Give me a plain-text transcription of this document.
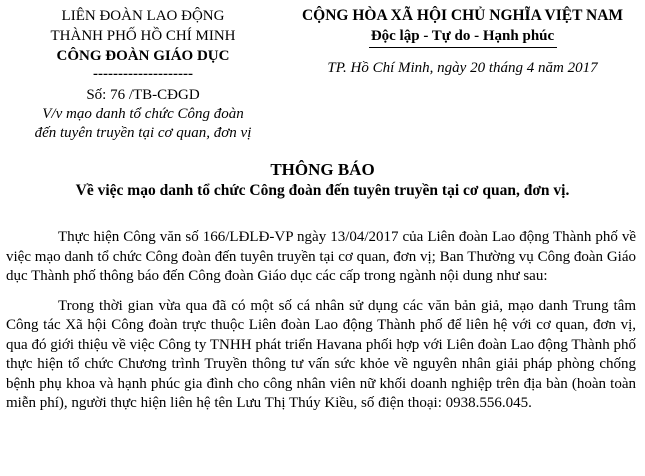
LIÊN ĐOÀN LAO ĐỘNG
THÀNH PHỐ HỒ CHÍ MINH
CÔNG ĐOÀN GIÁO DỤC
--------------------
Số: 76 /TB-CĐGD
V/v mạo danh tổ chức Công đoàn
đến tuyên truyền tại cơ quan, đơn vị
CỘNG HÒA XÃ HỘI CHỦ NGHĨA VIỆT NAM
Độc lập - Tự do - Hạnh phúc
TP. Hồ Chí Minh, ngày 20 tháng 4 năm 2017
THÔNG BÁO
Về việc mạo danh tổ chức Công đoàn đến tuyên truyền tại cơ quan, đơn vị.

Thực hiện Công văn số 166/LĐLĐ-VP ngày 13/04/2017 của Liên đoàn Lao động Thành phố về việc mạo danh tổ chức Công đoàn đến tuyên truyền tại cơ quan, đơn vị; Ban Thường vụ Công đoàn Giáo dục Thành phố thông báo đến Công đoàn Giáo dục các cấp trong ngành nội dung như sau:

Trong thời gian vừa qua đã có một số cá nhân sử dụng các văn bản giả, mạo danh Trung tâm Công tác Xã hội Công đoàn trực thuộc Liên đoàn Lao động Thành phố để liên hệ với cơ quan, đơn vị, qua đó giới thiệu về việc Công ty TNHH phát triển Havana phối hợp với Liên đoàn Lao động Thành phố thực hiện tổ chức Chương trình Truyền thông tư vấn sức khỏe về nguyên nhân giải pháp phòng chống bệnh phụ khoa và hạnh phúc gia đình cho công nhân viên nữ khối doanh nghiệp trên địa bàn (hoàn toàn miễn phí), người thực hiện liên hệ tên Lưu Thị Thúy Kiều, số điện thoại: 0938.556.045.
